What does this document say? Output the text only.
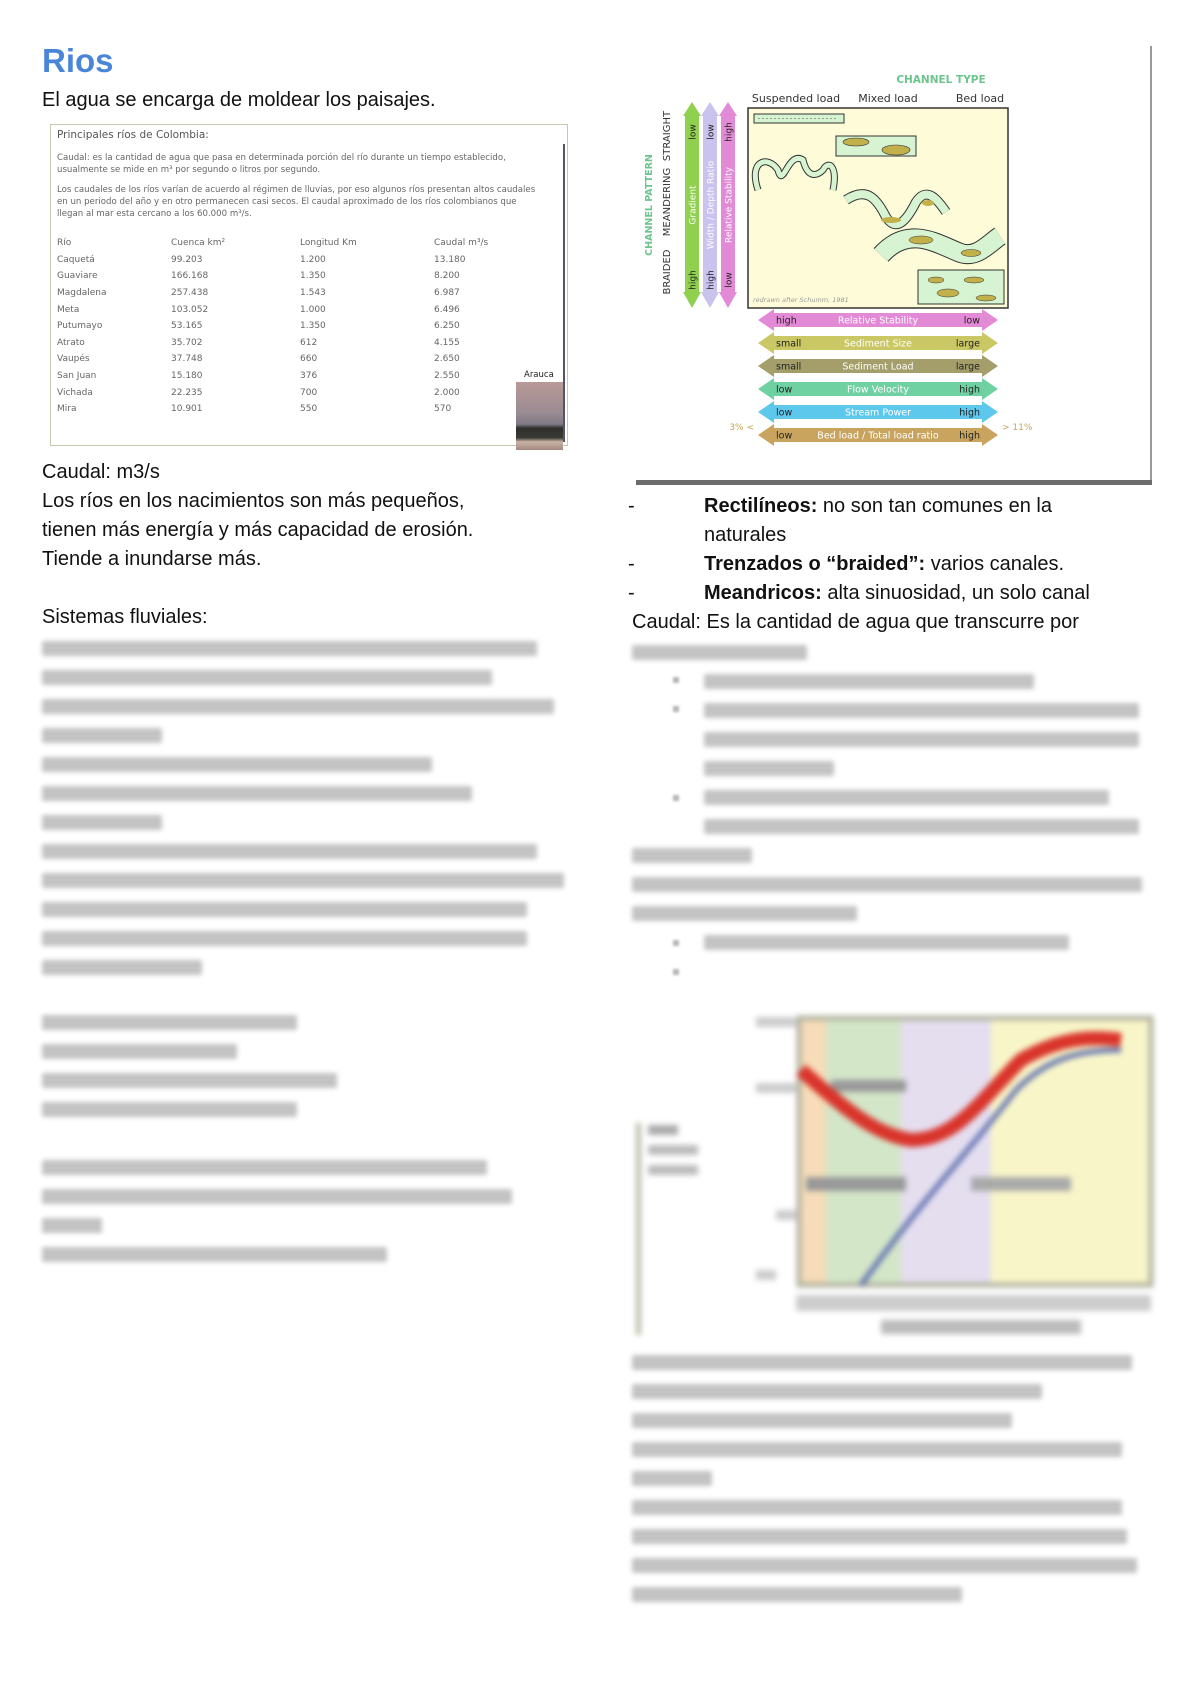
Rios
El agua se encarga de moldear los paisajes.
Principales ríos de Colombia:
Caudal: es la cantidad de agua que pasa en determinada porción del río durante un tiempo establecido,
usualmente se mide en m³ por segundo o litros por segundo.
Los caudales de los ríos varían de acuerdo al régimen de lluvias, por eso algunos ríos presentan altos caudales
en un periodo del año y en otro permanecen casi secos. El caudal aproximado de los ríos colombianos que
llegan al mar esta cercano a los 60.000 m³/s.
Río	Cuenca km²	Longitud Km	Caudal m³/s
Caquetá	99.203	1.200	13.180
Guaviare	166.168	1.350	8.200
Magdalena	257.438	1.543	6.987
Meta	103.052	1.000	6.496
Putumayo	53.165	1.350	6.250
Atrato	35.702	612	4.155
Vaupés	37.748	660	2.650
San Juan	15.180	376	2.550
Vichada	22.235	700	2.000
Mira	10.901	550	570
Arauca
Caudal: m3/s
Los ríos en los nacimientos son más pequeños,
tienen más energía y más capacidad de erosión.
Tiende a inundarse más.
Sistemas fluviales:
CHANNEL TYPE
Suspended load Mixed load	Bed load
CHANNEL PATTERN
BRAIDED
MEANDERING
STRAIGHT low
Gradient
high
low
Width / Depth Ratio
high
high
Relative Stability
low
redrawn after Schumm, 1981
high	Relative Stability	low
small	Sediment Size	large
small	Sediment Load	large
low	Flow Velocity	high
low	Stream Power	high
low	Bed load / Total load ratio high
3% <	> 11%
-	Rectilíneos: no son tan comunes en la
naturales
-	Trenzados o “braided”: varios canales.
-	Meandricos: alta sinuosidad, un solo canal
Caudal: Es la cantidad de agua que transcurre por
